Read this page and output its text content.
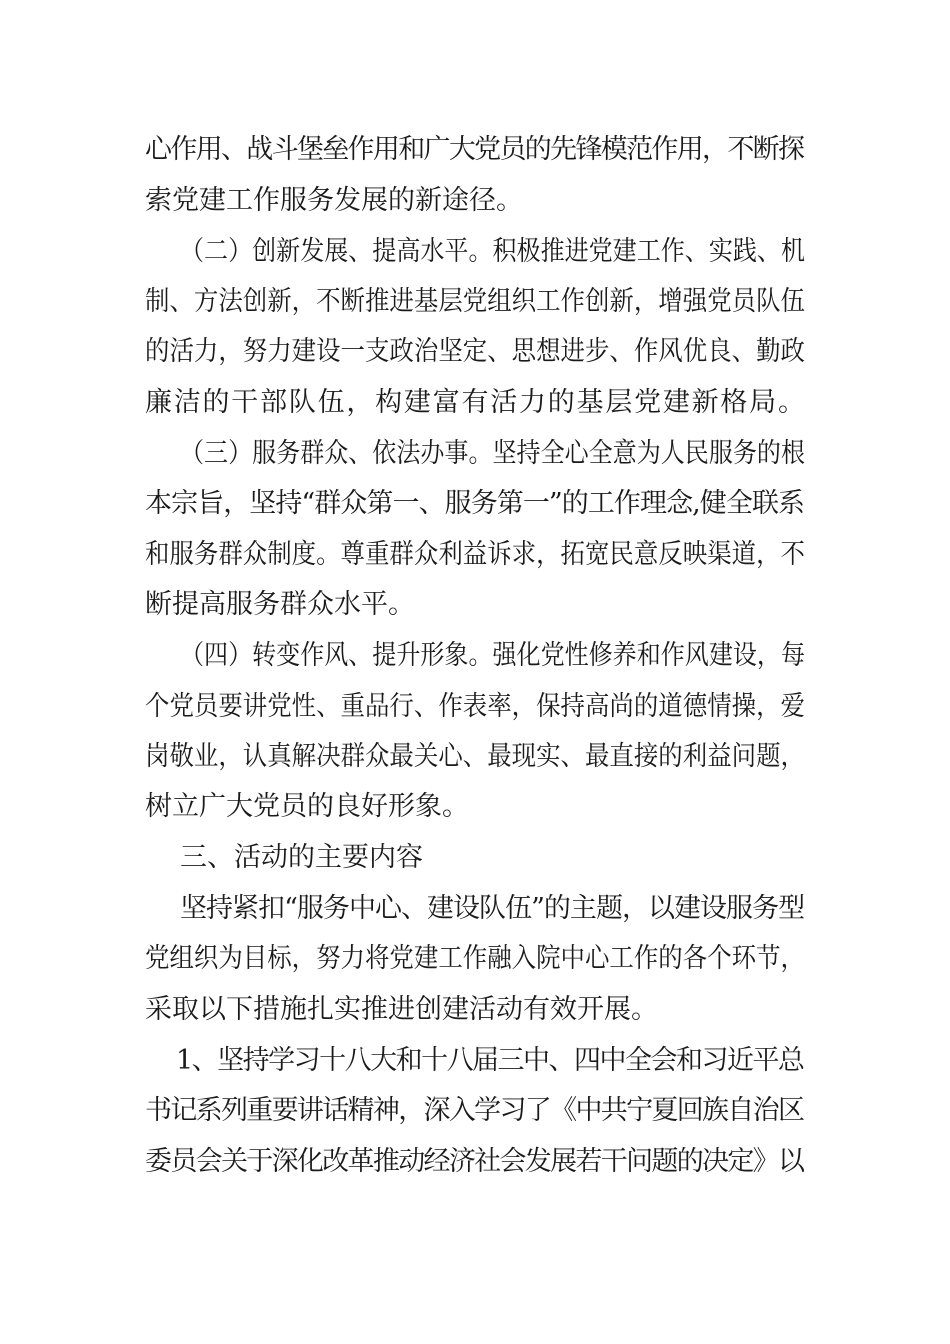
心作用、战斗堡垒作用和广大党员的先锋模范作用，不断探
索党建工作服务发展的新途径。
（二）创新发展、提高水平。积极推进党建工作、实践、机
制、方法创新，不断推进基层党组织工作创新，增强党员队伍
的活力，努力建设一支政治坚定、思想进步、作风优良、勤政
廉洁的干部队伍，构建富有活力的基层党建新格局。
（三）服务群众、依法办事。坚持全心全意为人民服务的根
本宗旨，坚持“群众第一、服务第一”的工作理念,健全联系
和服务群众制度。尊重群众利益诉求，拓宽民意反映渠道，不
断提高服务群众水平。
（四）转变作风、提升形象。强化党性修养和作风建设，每
个党员要讲党性、重品行、作表率，保持高尚的道德情操，爱
岗敬业，认真解决群众最关心、最现实、最直接的利益问题，
树立广大党员的良好形象。
三、活动的主要内容
坚持紧扣“服务中心、建设队伍”的主题，以建设服务型
党组织为目标，努力将党建工作融入院中心工作的各个环节，
采取以下措施扎实推进创建活动有效开展。
1、坚持学习十八大和十八届三中、四中全会和习近平总
书记系列重要讲话精神，深入学习了《中共宁夏回族自治区
委员会关于深化改革推动经济社会发展若干问题的决定》以
